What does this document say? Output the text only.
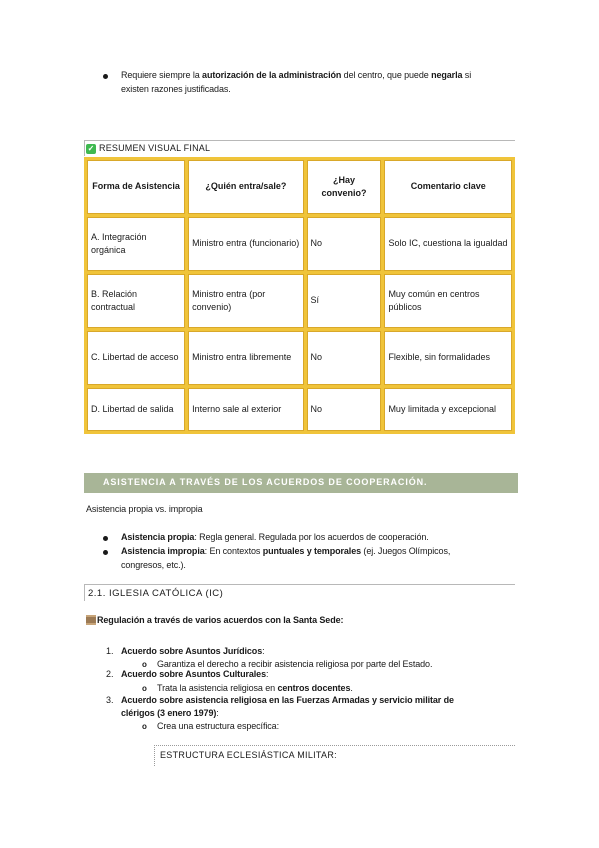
Requiere siempre la autorización de la administración del centro, que puede negarla si
existen razones justificadas.
✓ RESUMEN VISUAL FINAL
Forma de Asistencia	¿Quién entra/sale?	¿Hay convenio?	Comentario clave
A. Integración orgánica	Ministro entra (funcionario)	No	Solo IC, cuestiona la igualdad
B. Relación contractual	Ministro entra (por convenio)	Sí	Muy común en centros públicos
C. Libertad de acceso	Ministro entra libremente	No	Flexible, sin formalidades
D. Libertad de salida	Interno sale al exterior	No	Muy limitada y excepcional
ASISTENCIA A TRAVÉS DE LOS ACUERDOS DE COOPERACIÓN.
Asistencia propia vs. impropia
Asistencia propia: Regla general. Regulada por los acuerdos de cooperación.
Asistencia impropia: En contextos puntuales y temporales (ej. Juegos Olímpicos,
congresos, etc.).
2.1. IGLESIA CATÓLICA (IC)
Regulación a través de varios acuerdos con la Santa Sede:
1. Acuerdo sobre Asuntos Jurídicos:
o Garantiza el derecho a recibir asistencia religiosa por parte del Estado.
2. Acuerdo sobre Asuntos Culturales:
o Trata la asistencia religiosa en centros docentes.
3. Acuerdo sobre asistencia religiosa en las Fuerzas Armadas y servicio militar de
clérigos (3 enero 1979):
o Crea una estructura específica:
ESTRUCTURA ECLESIÁSTICA MILITAR:
